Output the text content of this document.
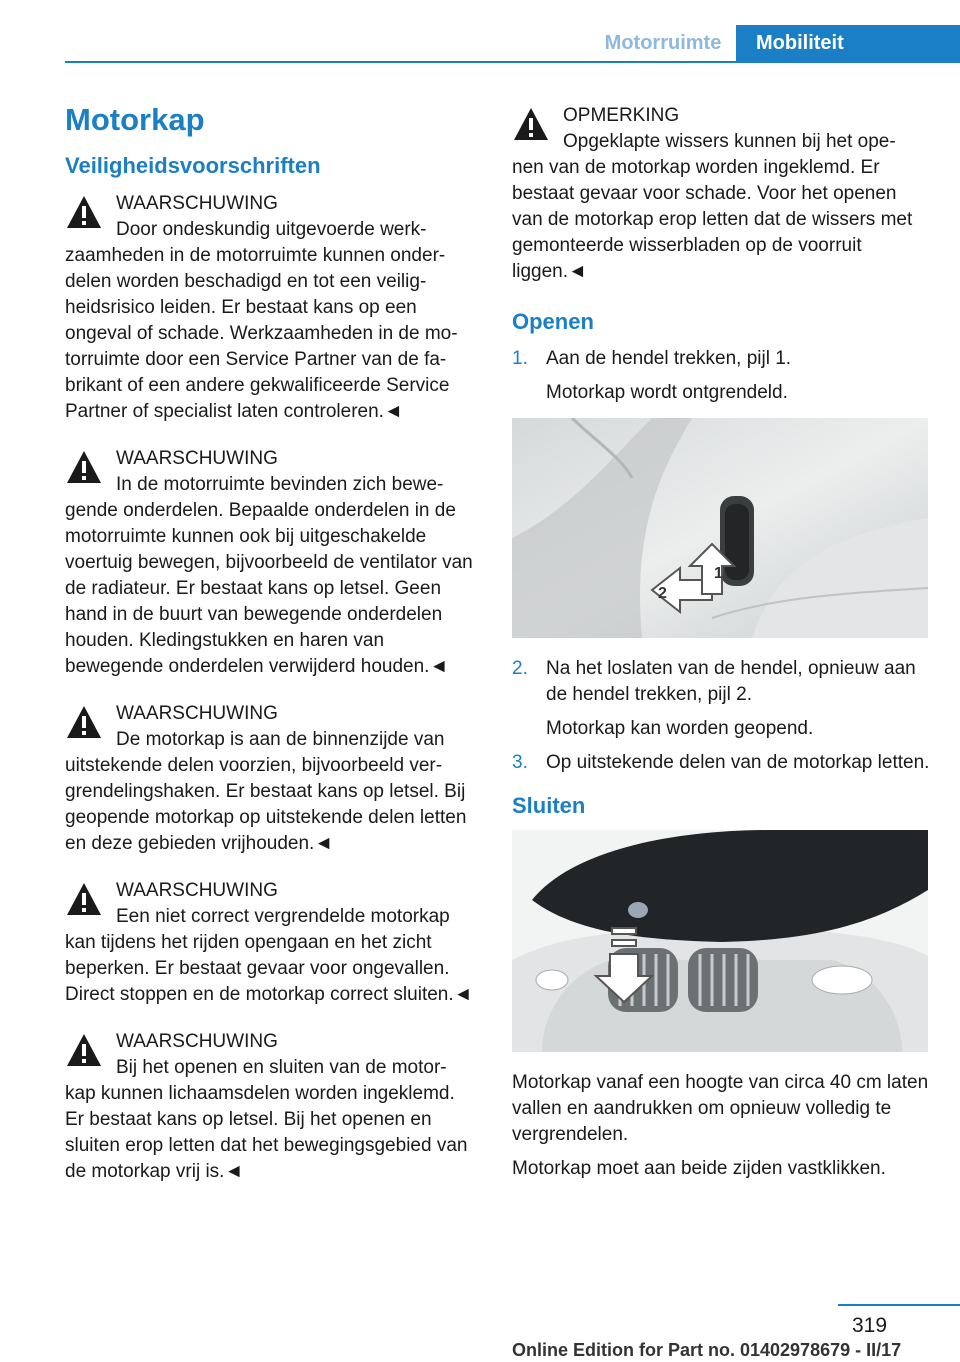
Motorruimte	Mobiliteit
Motorkap
Veiligheidsvoorschriften
WAARSCHUWING
Door ondeskundig uitgevoerde werk-
zaamheden in de motorruimte kunnen onderdelen worden beschadigd en tot een veiligheidsrisico leiden. Er bestaat kans op een ongeval of schade. Werkzaamheden in de motorruimte door een Service Partner van de fabrikant of een andere gekwalificeerde Service Partner of specialist laten controleren.◄
WAARSCHUWING
In de motorruimte bevinden zich bewe-
gende onderdelen. Bepaalde onderdelen in de motorruimte kunnen ook bij uitgeschakelde voertuig bewegen, bijvoorbeeld de ventilator van de radiateur. Er bestaat kans op letsel. Geen hand in de buurt van bewegende onderdelen houden. Kledingstukken en haren van bewegende onderdelen verwijderd houden.◄
WAARSCHUWING
De motorkap is aan de binnenzijde van
uitstekende delen voorzien, bijvoorbeeld vergrendelingshaken. Er bestaat kans op letsel. Bij geopende motorkap op uitstekende delen letten en deze gebieden vrijhouden.◄
WAARSCHUWING
Een niet correct vergrendelde motorkap
kan tijdens het rijden opengaan en het zicht beperken. Er bestaat gevaar voor ongevallen. Direct stoppen en de motorkap correct sluiten.◄
WAARSCHUWING
Bij het openen en sluiten van de motor-
kap kunnen lichaamsdelen worden ingeklemd. Er bestaat kans op letsel. Bij het openen en sluiten erop letten dat het bewegingsgebied van de motorkap vrij is.◄
OPMERKING
Opgeklapte wissers kunnen bij het ope-
nen van de motorkap worden ingeklemd. Er bestaat gevaar voor schade. Voor het openen van de motorkap erop letten dat de wissers met gemonteerde wisserbladen op de voorruit liggen.◄
Openen
1. Aan de hendel trekken, pijl 1.
Motorkap wordt ontgrendeld.
1
2
2. Na het loslaten van de hendel, opnieuw aan de hendel trekken, pijl 2.
Motorkap kan worden geopend.
3. Op uitstekende delen van de motorkap letten.
Sluiten
Motorkap vanaf een hoogte van circa 40 cm laten vallen en aandrukken om opnieuw volledig te vergrendelen.
Motorkap moet aan beide zijden vastklikken.
319
Online Edition for Part no. 01402978679 - II/17
